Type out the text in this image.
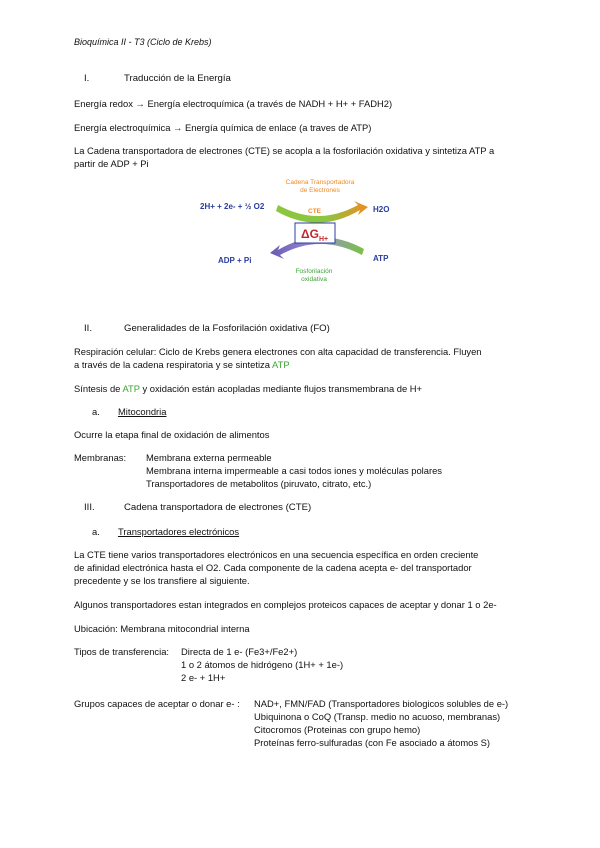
Bioquímica II - T3 (Ciclo de Krebs)
I.	Traducción de la Energía
Energía redox → Energía electroquímica (a través de NADH + H+ + FADH2)
Energía electroquímica → Energía química de enlace (a traves de ATP)
La Cadena transportadora de electrones (CTE) se acopla a la fosforilación oxidativa y sintetiza ATP a
partir de ADP + Pi
$\Delta G_{H+}$
Cadena Transportadora
de Electrones
2H+ + 2e- + ½ O2
CTE	H2O
ADP + Pi	ATP
Fosforilación
oxidativa
II.	Generalidades de la Fosforilación oxidativa (FO)
Respiración celular: Ciclo de Krebs genera electrones con alta capacidad de transferencia. Fluyen
a través de la cadena respiratoria y se sintetiza ATP
Síntesis de ATP y oxidación están acopladas mediante flujos transmembrana de H+
a. Mitocondria
Ocurre la etapa final de oxidación de alimentos
Membranas: Membrana externa permeable
Membrana interna impermeable a casi todos iones y moléculas polares
Transportadores de metabolitos (piruvato, citrato, etc.)
III.	Cadena transportadora de electrones (CTE)
a. Transportadores electrónicos
La CTE tiene varios transportadores electrónicos en una secuencia específica en orden creciente
de afinidad electrónica hasta el O2. Cada componente de la cadena acepta e- del transportador
precedente y se los transfiere al siguiente.
Algunos transportadores estan integrados en complejos proteicos capaces de aceptar y donar 1 o 2e-
Ubicación: Membrana mitocondrial interna
Tipos de transferencia: Directa de 1 e- (Fe3+/Fe2+)
1 o 2 átomos de hidrógeno (1H+ + 1e-)
2 e- + 1H+
Grupos capaces de aceptar o donar e- : NAD+, FMN/FAD (Transportadores biologicos solubles de e-)
Ubiquinona o CoQ (Transp. medio no acuoso, membranas)
Citocromos (Proteinas con grupo hemo)
Proteínas ferro-sulfuradas (con Fe asociado a átomos S)
